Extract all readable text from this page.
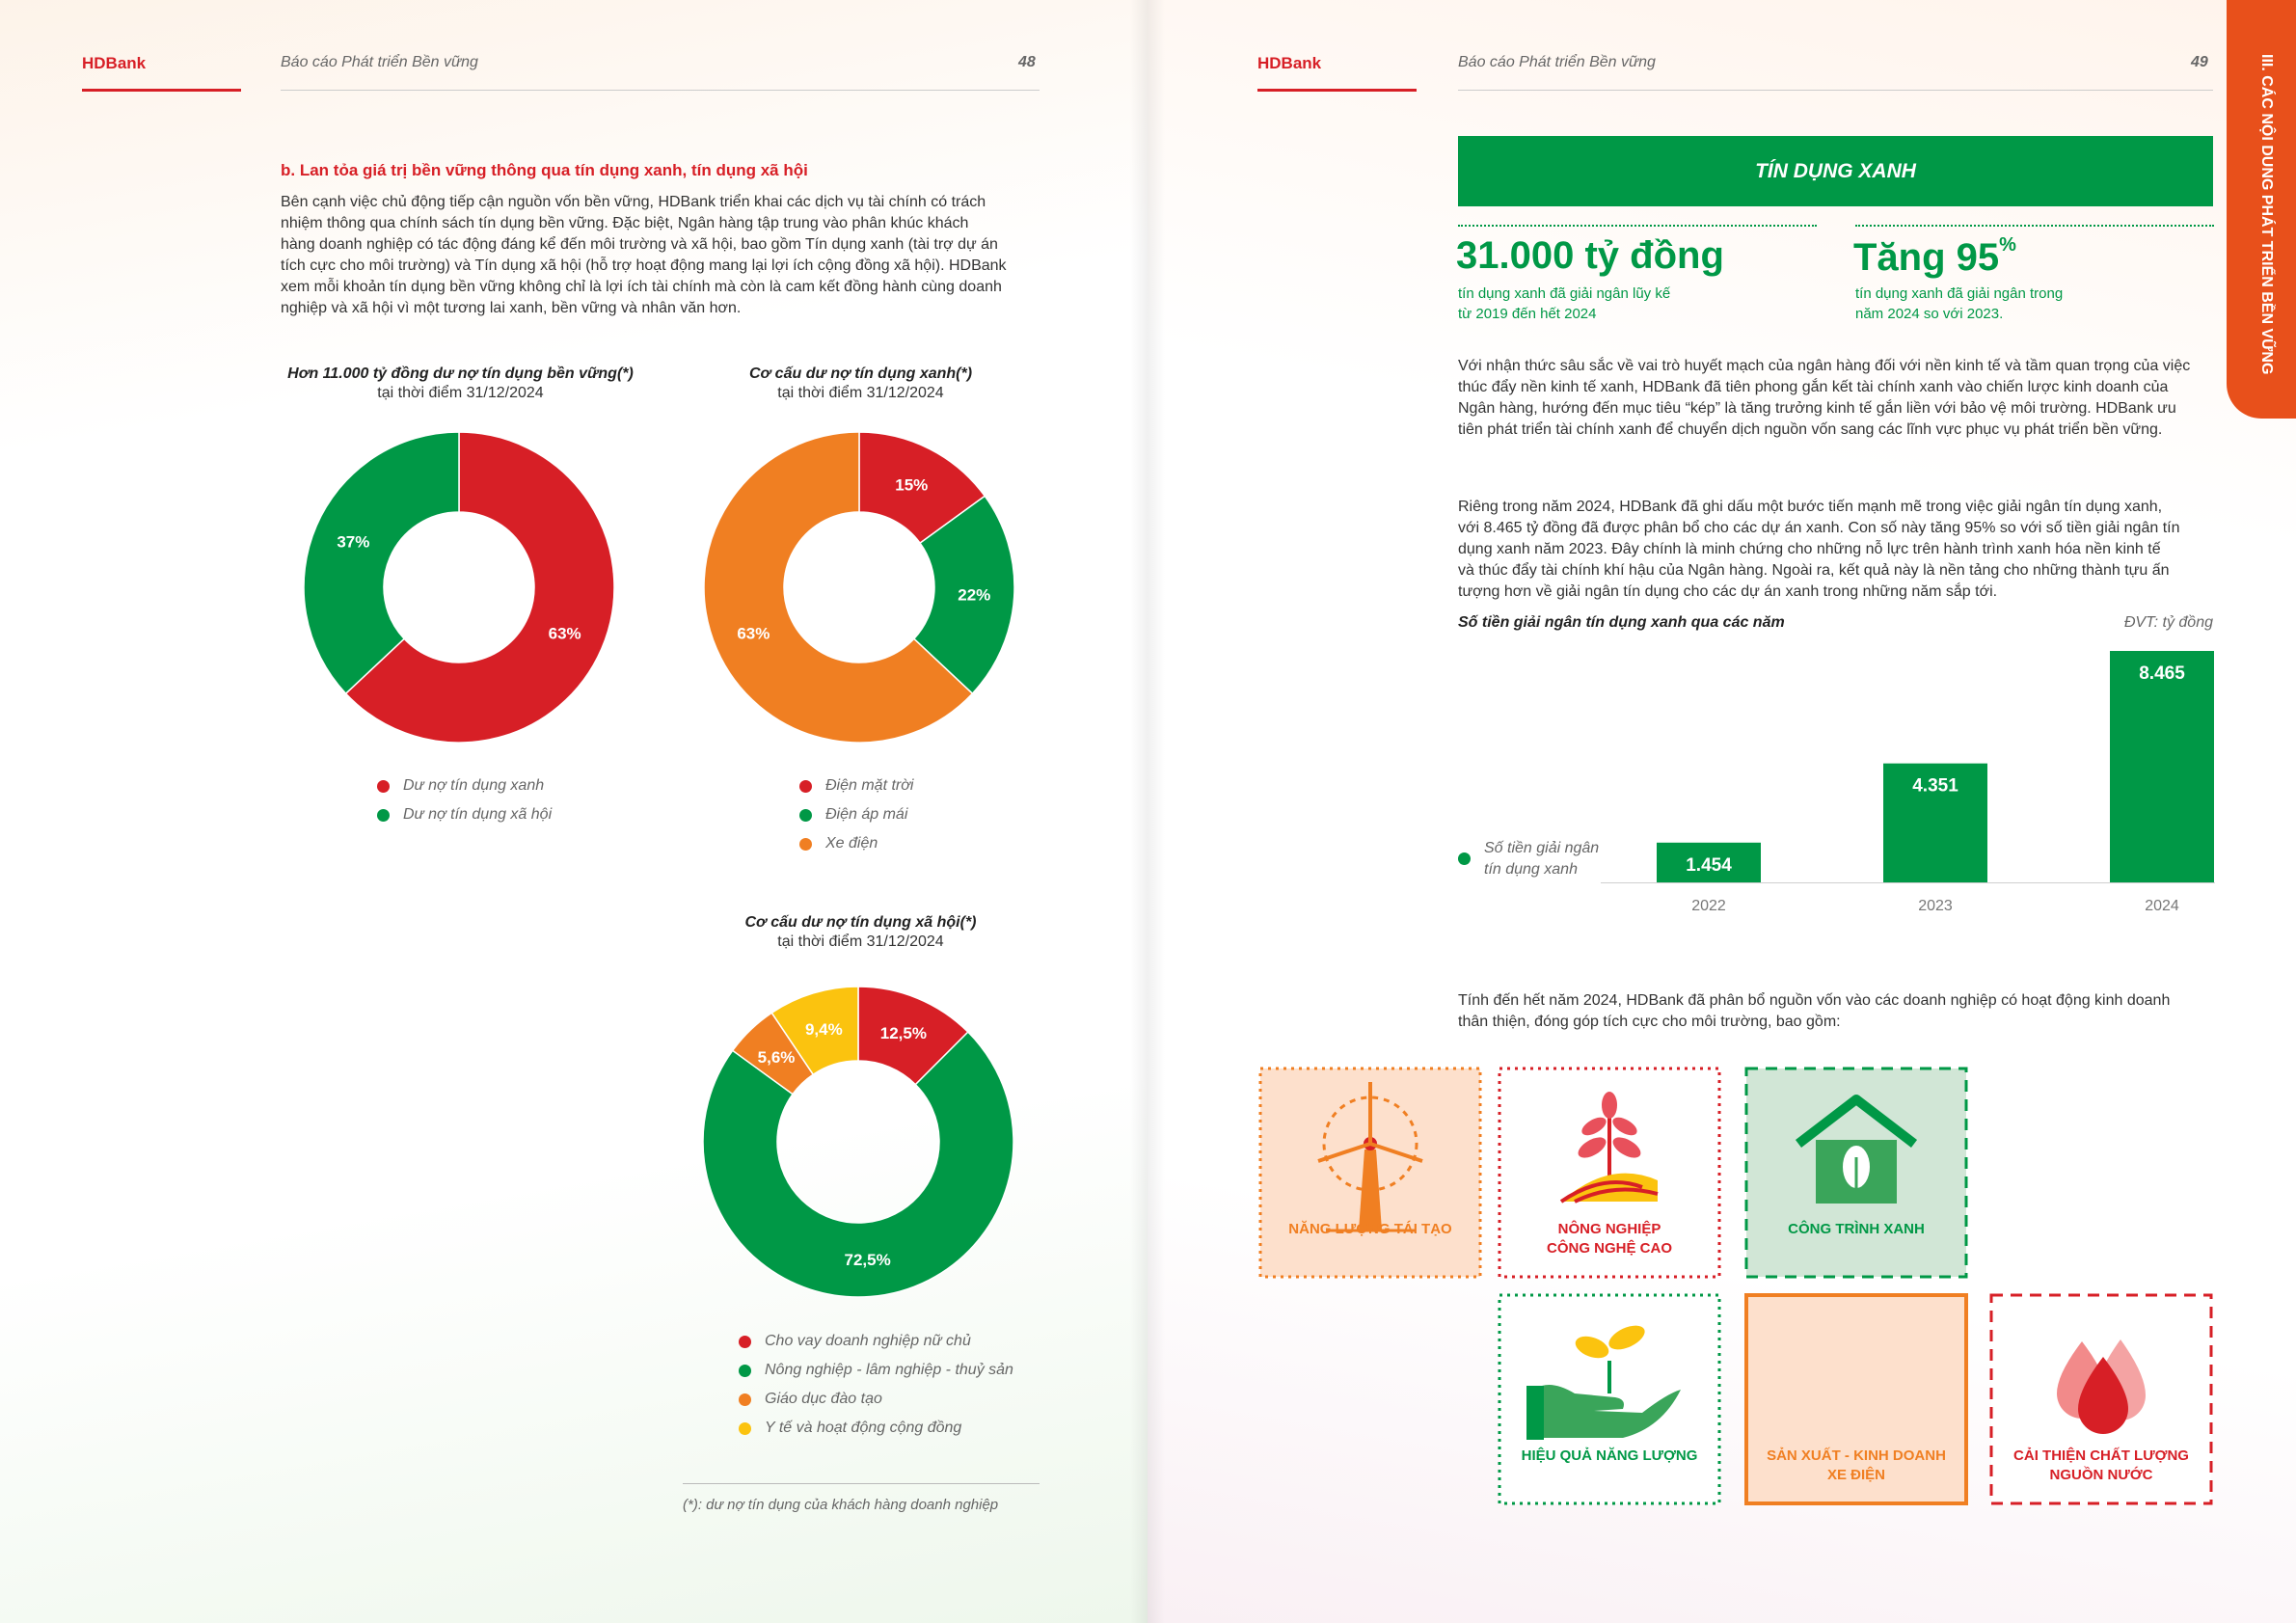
HDBank	Báo cáo Phát triển Bền vững	48
b. Lan tỏa giá trị bền vững thông qua tín dụng xanh, tín dụng xã hội
Bên cạnh việc chủ động tiếp cận nguồn vốn bền vững, HDBank triển khai các dịch vụ tài chính có trách
nhiệm thông qua chính sách tín dụng bền vững. Đặc biệt, Ngân hàng tập trung vào phân khúc khách
hàng doanh nghiệp có tác động đáng kể đến môi trường và xã hội, bao gồm Tín dụng xanh (tài trợ dự án
tích cực cho môi trường) và Tín dụng xã hội (hỗ trợ hoạt động mang lại lợi ích cộng đồng xã hội). HDBank
xem mỗi khoản tín dụng bền vững không chỉ là lợi ích tài chính mà còn là cam kết đồng hành cùng doanh
nghiệp và xã hội vì một tương lai xanh, bền vững và nhân văn hơn.
Hơn 11.000 tỷ đồng dư nợ tín dụng bền vững(*)
tại thời điểm 31/12/2024
63%
37%
Dư nợ tín dụng xanh
Dư nợ tín dụng xã hội
Cơ cấu dư nợ tín dụng xanh(*)
tại thời điểm 31/12/2024
15%
22%
63%
Điện mặt trời
Điện áp mái
Xe điện
Cơ cấu dư nợ tín dụng xã hội(*)
tại thời điểm 31/12/2024
12,5%
72,5%
5,6%
9,4%
Cho vay doanh nghiệp nữ chủ
Nông nghiệp - lâm nghiệp - thuỷ sản
Giáo dục đào tạo
Y tế và hoạt động cộng đồng
(*): dư nợ tín dụng của khách hàng doanh nghiệp
HDBank	Báo cáo Phát triển Bền vững	49	III. CÁC NỘI DUNG PHÁT TRIỂN BỀN VỮNG
TÍN DỤNG XANH
31.000 tỷ đồng
tín dụng xanh đã giải ngân lũy kế
từ 2019 đến hết 2024
Tăng 95%
tín dụng xanh đã giải ngân trong
năm 2024 so với 2023.
Với nhận thức sâu sắc về vai trò huyết mạch của ngân hàng đối với nền kinh tế và tầm quan trọng của việc
thúc đẩy nền kinh tế xanh, HDBank đã tiên phong gắn kết tài chính xanh vào chiến lược kinh doanh của
Ngân hàng, hướng đến mục tiêu “kép” là tăng trưởng kinh tế gắn liền với bảo vệ môi trường. HDBank ưu
tiên phát triển tài chính xanh để chuyển dịch nguồn vốn sang các lĩnh vực phục vụ phát triển bền vững.
Riêng trong năm 2024, HDBank đã ghi dấu một bước tiến mạnh mẽ trong việc giải ngân tín dụng xanh,
với 8.465 tỷ đồng đã được phân bổ cho các dự án xanh. Con số này tăng 95% so với số tiền giải ngân tín
dụng xanh năm 2023. Đây chính là minh chứng cho những nỗ lực trên hành trình xanh hóa nền kinh tế
và thúc đẩy tài chính khí hậu của Ngân hàng. Ngoài ra, kết quả này là nền tảng cho những thành tựu ấn
tượng hơn về giải ngân tín dụng cho các dự án xanh trong những năm sắp tới.
Số tiền giải ngân tín dụng xanh qua các năm	ĐVT: tỷ đồng
1.454
2022
4.351
2023
8.465
2024
Số tiền giải ngân
tín dụng xanh
Tính đến hết năm 2024, HDBank đã phân bổ nguồn vốn vào các doanh nghiệp có hoạt động kinh doanh
thân thiện, đóng góp tích cực cho môi trường, bao gồm:
NĂNG LƯỢNG TÁI TẠO	NÔNG NGHIỆP
CÔNG NGHỆ CAO
CÔNG TRÌNH XANH
HIỆU QUẢ NĂNG LƯỢNG	SẢN XUẤT - KINH DOANH
XE ĐIỆN
CẢI THIỆN CHẤT LƯỢNG
NGUỒN NƯỚC
